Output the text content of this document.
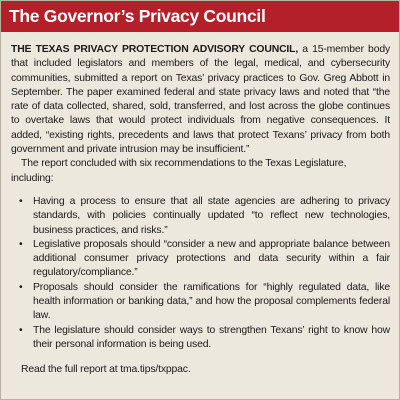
The Governor’s Privacy Council

THE TEXAS PRIVACY PROTECTION ADVISORY COUNCIL, a 15-member body that included legislators and members of the legal, medical, and cybersecurity communities, submitted a report on Texas’ privacy practices to Gov. Greg Abbott in September. The paper examined federal and state privacy laws and noted that “the rate of data collected, shared, sold, transferred, and lost across the globe continues to overtake laws that would protect individuals from negative consequences. It added, “existing rights, precedents and laws that protect Texans’ privacy from both government and private intrusion may be insufficient.”

The report concluded with six recommendations to the Texas Legislature, including:

• Having a process to ensure that all state agencies are adhering to privacy standards, with policies continually updated “to reflect new technologies, business practices, and risks.”
• Legislative proposals should “consider a new and appropriate balance between additional consumer privacy protections and data security within a fair regulatory/compliance.”
• Proposals should consider the ramifications for “highly regulated data, like health information or banking data,” and how the proposal complements federal law.
• The legislature should consider ways to strengthen Texans’ right to know how their personal information is being used.

Read the full report at tma.tips/txppac.
